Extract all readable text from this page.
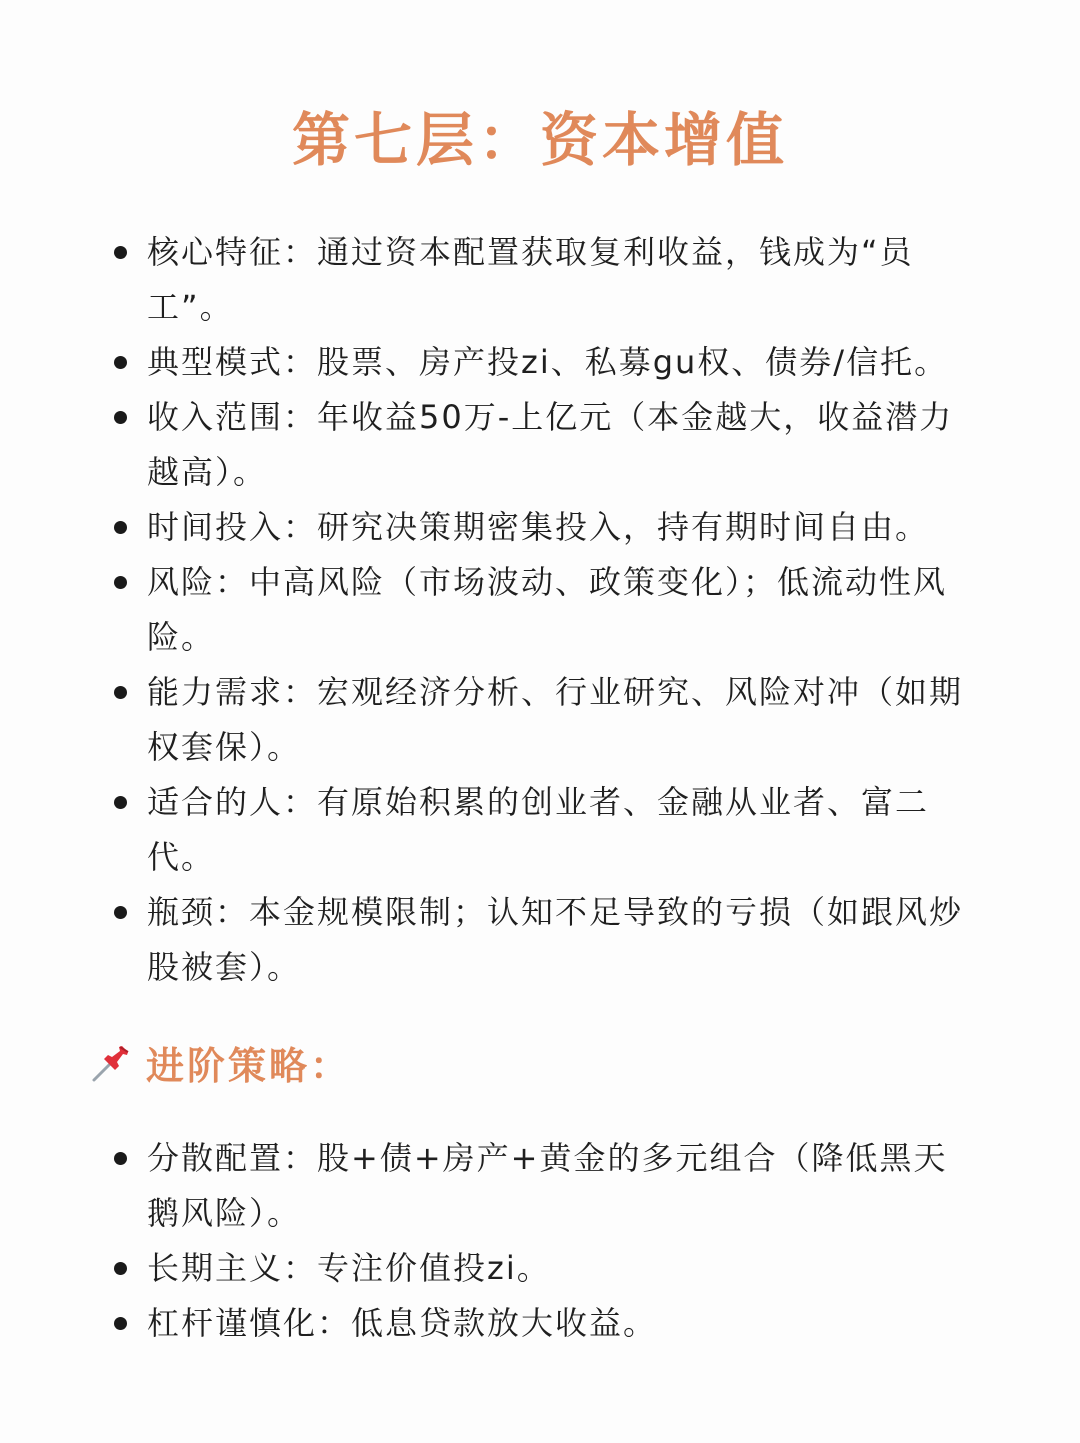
第七层：资本增值
核心特征：通过资本配置获取复利收益，钱成为“员工”。
典型模式：股票、房产投zi、私募gu权、债券/信托。
收入范围：年收益50万-上亿元（本金越大，收益潜力越高）。
时间投入：研究决策期密集投入，持有期时间自由。
风险：中高风险（市场波动、政策变化）；低流动性风险。
能力需求：宏观经济分析、行业研究、风险对冲（如期权套保）。
适合的人：有原始积累的创业者、金融从业者、富二代。
瓶颈：本金规模限制；认知不足导致的亏损（如跟风炒股被套）。
进阶策略：
分散配置：股+债+房产+黄金的多元组合（降低黑天鹅风险）。
长期主义：专注价值投zi。
杠杆谨慎化：低息贷款放大收益。
